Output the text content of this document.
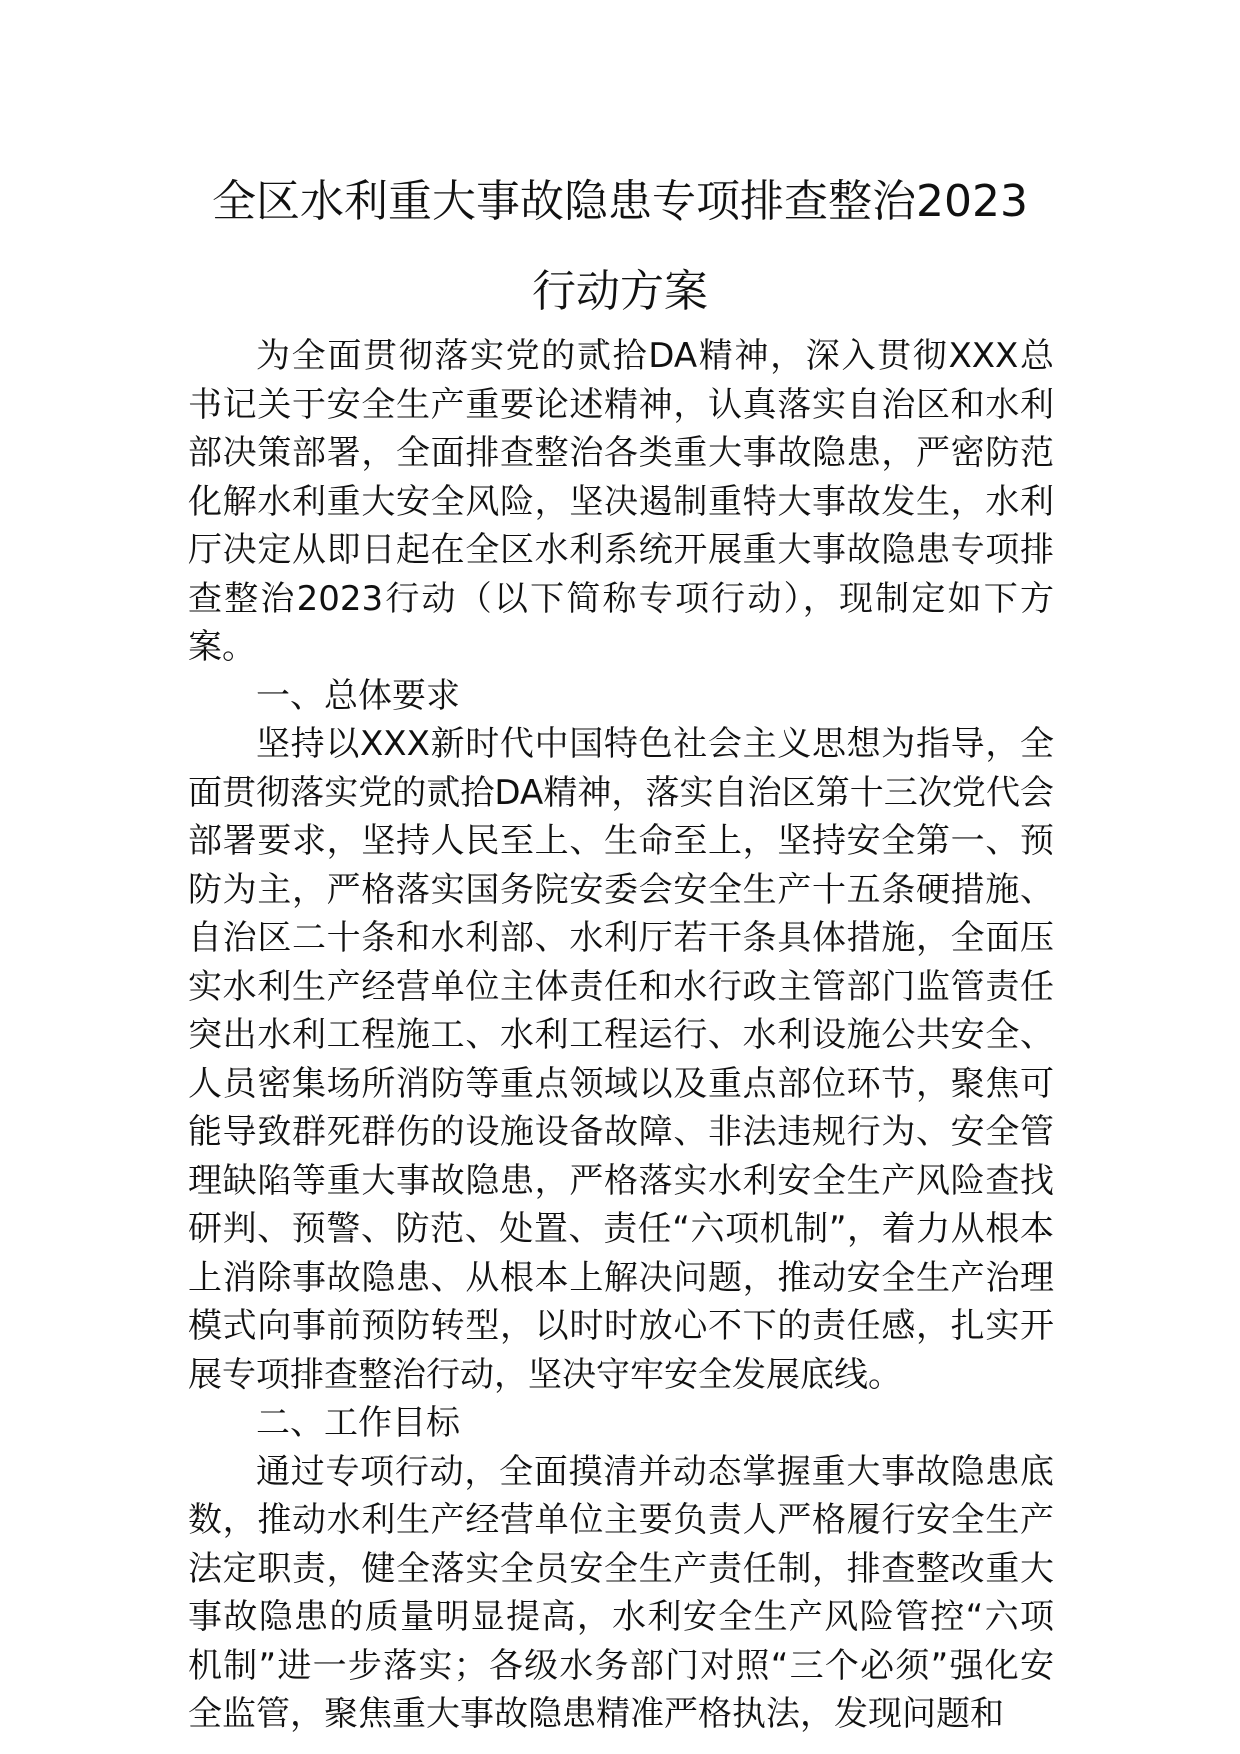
全区水利重大事故隐患专项排查整治2023
行动方案

为全面贯彻落实党的贰拾DA精神，深入贯彻XXX总书记关于安全生产重要论述精神，认真落实自治区和水利部决策部署，全面排查整治各类重大事故隐患，严密防范化解水利重大安全风险，坚决遏制重特大事故发生，水利厅决定从即日起在全区水利系统开展重大事故隐患专项排查整治2023行动（以下简称专项行动），现制定如下方案。

一、总体要求

坚持以XXX新时代中国特色社会主义思想为指导，全面贯彻落实党的贰拾DA精神，落实自治区第十三次党代会部署要求，坚持人民至上、生命至上，坚持安全第一、预防为主，严格落实国务院安委会安全生产十五条硬措施、自治区二十条和水利部、水利厅若干条具体措施，全面压实水利生产经营单位主体责任和水行政主管部门监管责任突出水利工程施工、水利工程运行、水利设施公共安全、人员密集场所消防等重点领域以及重点部位环节，聚焦可能导致群死群伤的设施设备故障、非法违规行为、安全管理缺陷等重大事故隐患，严格落实水利安全生产风险查找研判、预警、防范、处置、责任“六项机制”，着力从根本上消除事故隐患、从根本上解决问题，推动安全生产治理模式向事前预防转型，以时时放心不下的责任感，扎实开展专项排查整治行动，坚决守牢安全发展底线。

二、工作目标

通过专项行动，全面摸清并动态掌握重大事故隐患底数，推动水利生产经营单位主要负责人严格履行安全生产法定职责，健全落实全员安全生产责任制，排查整改重大事故隐患的质量明显提高，水利安全生产风险管控“六项机制”进一步落实；各级水务部门对照“三个必须”强化安全监管，聚焦重大事故隐患精准严格执法，发现问题和
